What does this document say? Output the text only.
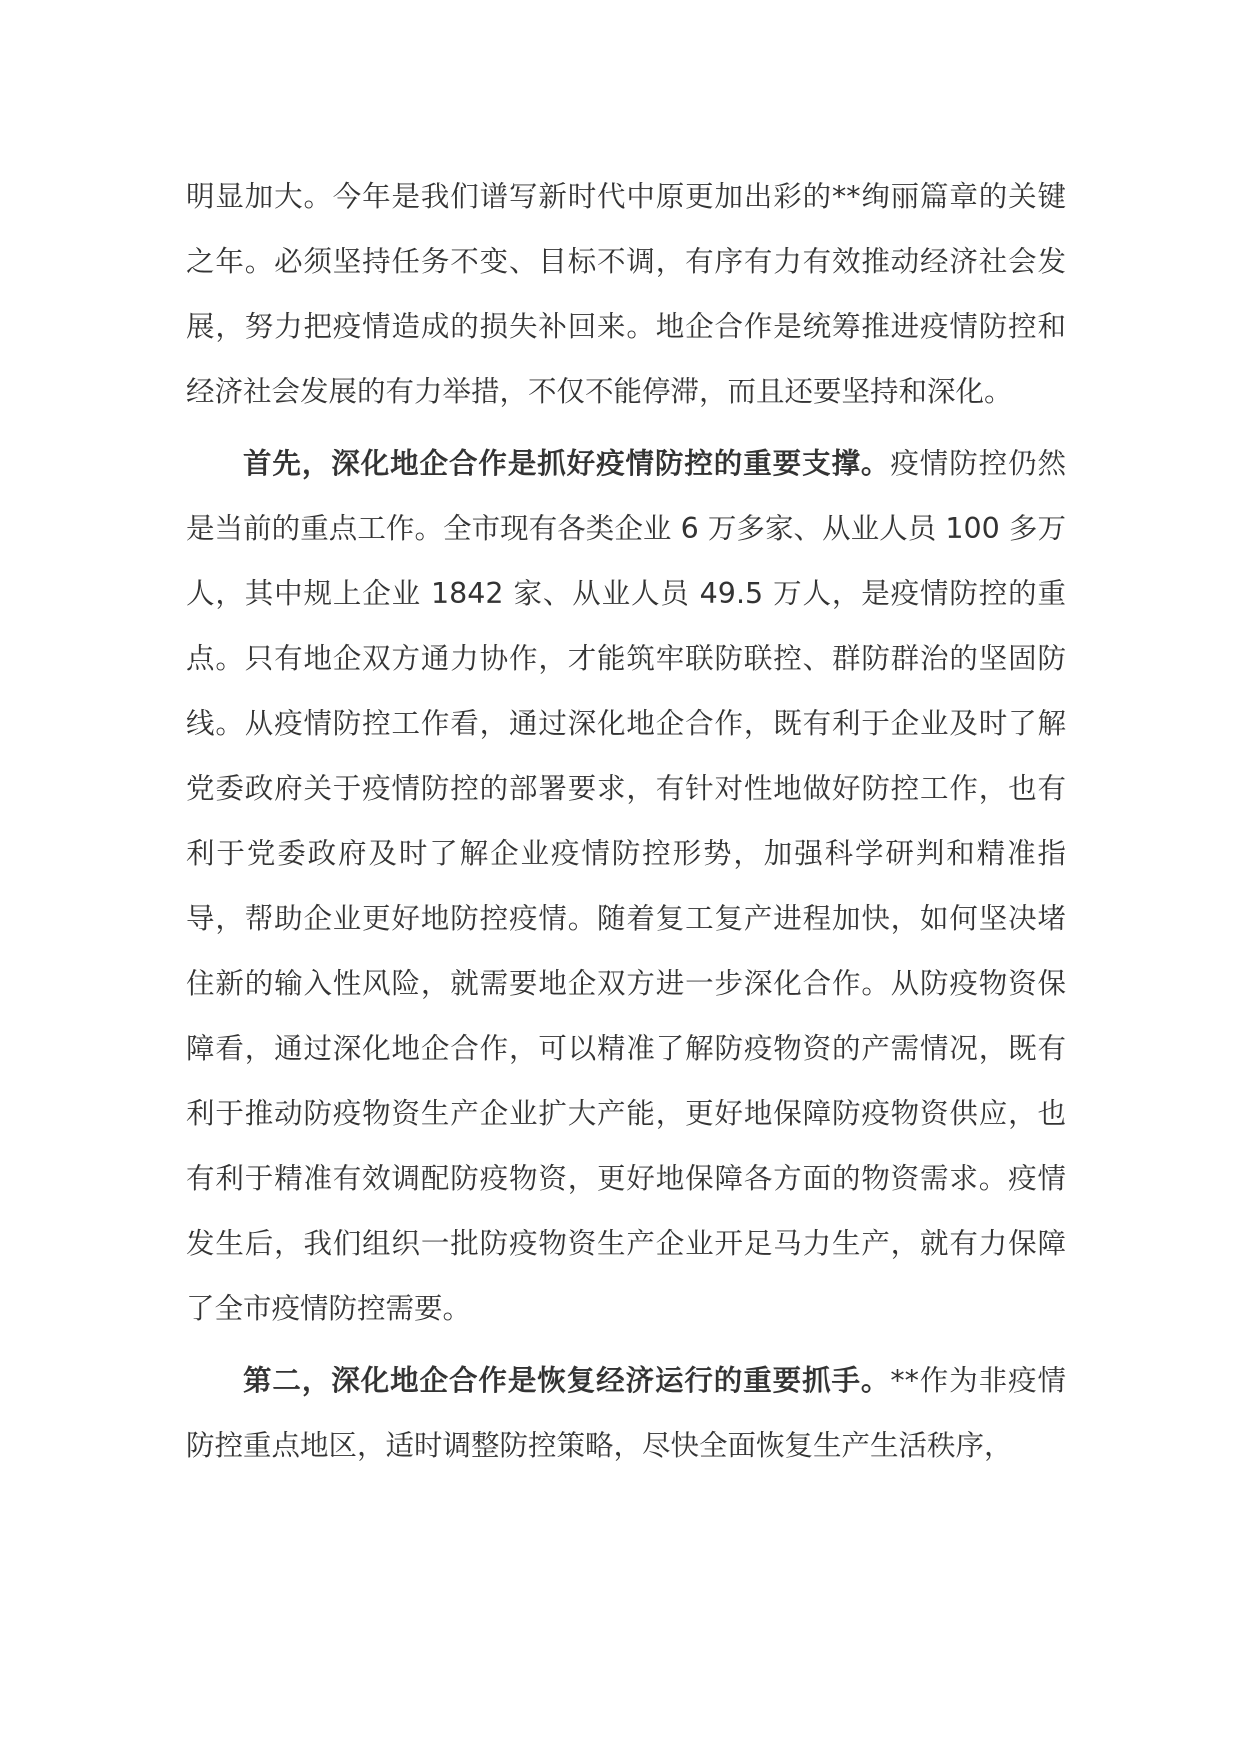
明显加大。今年是我们谱写新时代中原更加出彩的**绚丽篇章的关键之年。必须坚持任务不变、目标不调，有序有力有效推动经济社会发展，努力把疫情造成的损失补回来。地企合作是统筹推进疫情防控和经济社会发展的有力举措，不仅不能停滞，而且还要坚持和深化。

首先，深化地企合作是抓好疫情防控的重要支撑。疫情防控仍然是当前的重点工作。全市现有各类企业 6 万多家、从业人员 100 多万人，其中规上企业 1842 家、从业人员 49.5 万人，是疫情防控的重点。只有地企双方通力协作，才能筑牢联防联控、群防群治的坚固防线。从疫情防控工作看，通过深化地企合作，既有利于企业及时了解党委政府关于疫情防控的部署要求，有针对性地做好防控工作，也有利于党委政府及时了解企业疫情防控形势，加强科学研判和精准指导，帮助企业更好地防控疫情。随着复工复产进程加快，如何坚决堵住新的输入性风险，就需要地企双方进一步深化合作。从防疫物资保障看，通过深化地企合作，可以精准了解防疫物资的产需情况，既有利于推动防疫物资生产企业扩大产能，更好地保障防疫物资供应，也有利于精准有效调配防疫物资，更好地保障各方面的物资需求。疫情发生后，我们组织一批防疫物资生产企业开足马力生产，就有力保障了全市疫情防控需要。

第二，深化地企合作是恢复经济运行的重要抓手。**作为非疫情防控重点地区，适时调整防控策略，尽快全面恢复生产生活秩序，
